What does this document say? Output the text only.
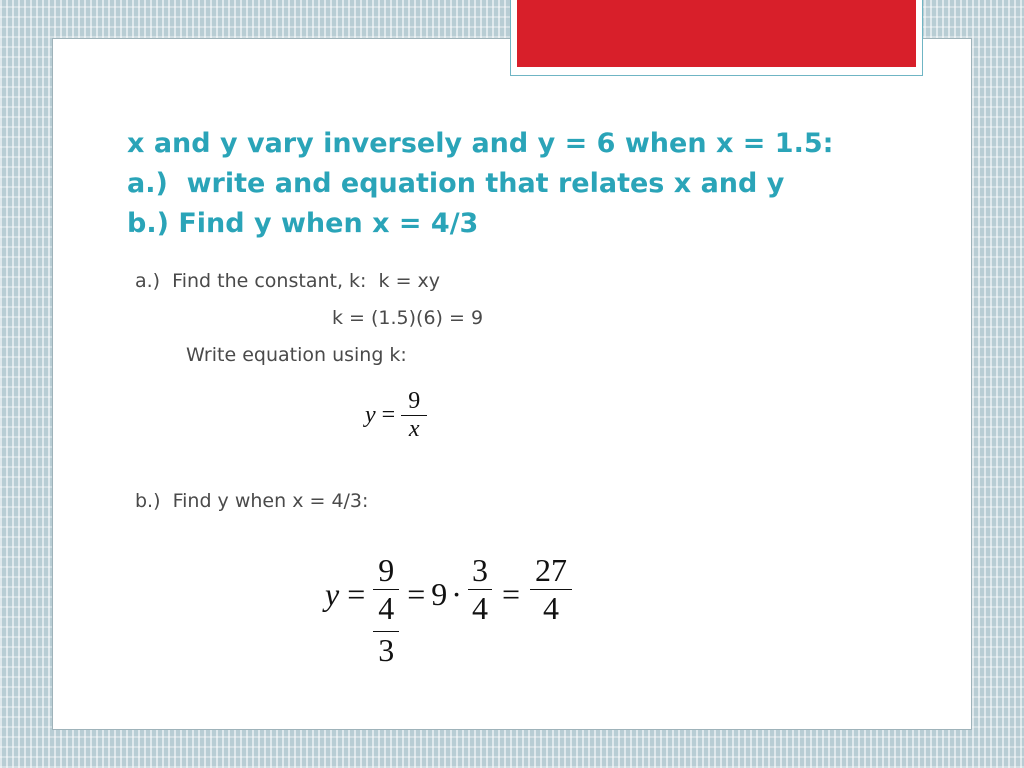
x and y vary inversely and y = 6 when x = 1.5:
a.)  write and equation that relates x and y
b.) Find y when x = 4/3
a.)  Find the constant, k:  k = xy
k = (1.5)(6) = 9
Write equation using k:
$y = \frac{9}{x}$
b.)  Find y when x = 4/3:
y =
9
4
3
= $9 \cdot \frac{3}{4} = \frac{27}{4}$
